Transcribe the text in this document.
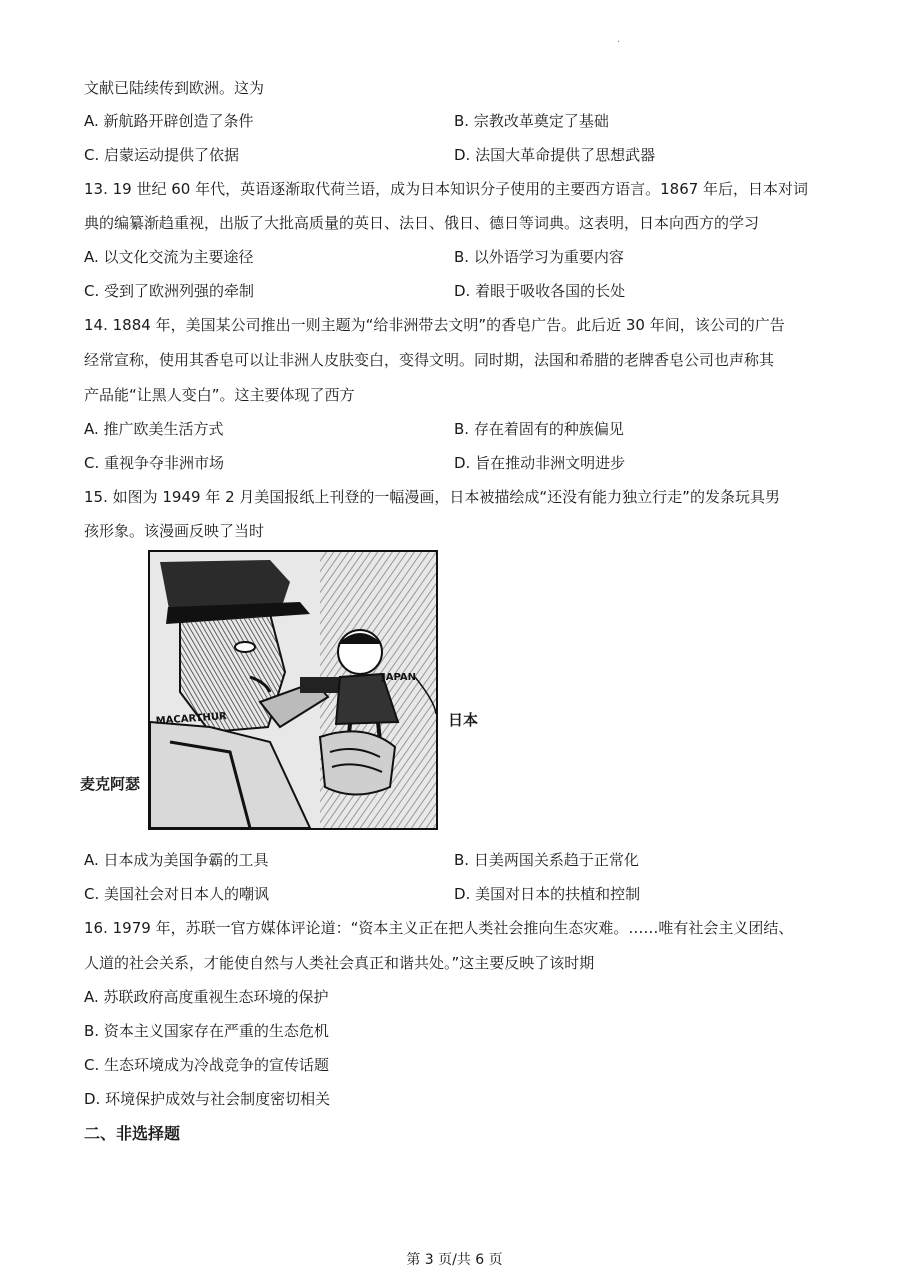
.
文献已陆续传到欧洲。这为
A. 新航路开辟创造了条件	B. 宗教改革奠定了基础
C. 启蒙运动提供了依据	D. 法国大革命提供了思想武器
13. 19 世纪 60 年代，英语逐渐取代荷兰语，成为日本知识分子使用的主要西方语言。1867 年后，日本对词
典的编纂渐趋重视，出版了大批高质量的英日、法日、俄日、德日等词典。这表明，日本向西方的学习
A. 以文化交流为主要途径	B. 以外语学习为重要内容
C. 受到了欧洲列强的牵制	D. 着眼于吸收各国的长处
14. 1884 年，美国某公司推出一则主题为“给非洲带去文明”的香皂广告。此后近 30 年间，该公司的广告
经常宣称，使用其香皂可以让非洲人皮肤变白，变得文明。同时期，法国和希腊的老牌香皂公司也声称其
产品能“让黑人变白”。这主要体现了西方
A. 推广欧美生活方式	B. 存在着固有的种族偏见
C. 重视争夺非洲市场	D. 旨在推动非洲文明进步
15. 如图为 1949 年 2 月美国报纸上刊登的一幅漫画，日本被描绘成“还没有能力独立行走”的发条玩具男
孩形象。该漫画反映了当时
JAPAN
MACARTHUR	日本
麦克阿瑟
A. 日本成为美国争霸的工具	B. 日美两国关系趋于正常化
C. 美国社会对日本人的嘲讽	D. 美国对日本的扶植和控制
16. 1979 年，苏联一官方媒体评论道：“资本主义正在把人类社会推向生态灾难。……唯有社会主义团结、
人道的社会关系，才能使自然与人类社会真正和谐共处。”这主要反映了该时期
A. 苏联政府高度重视生态环境的保护
B. 资本主义国家存在严重的生态危机
C. 生态环境成为冷战竞争的宣传话题
D. 环境保护成效与社会制度密切相关
二、非选择题
第 3 页/共 6 页
